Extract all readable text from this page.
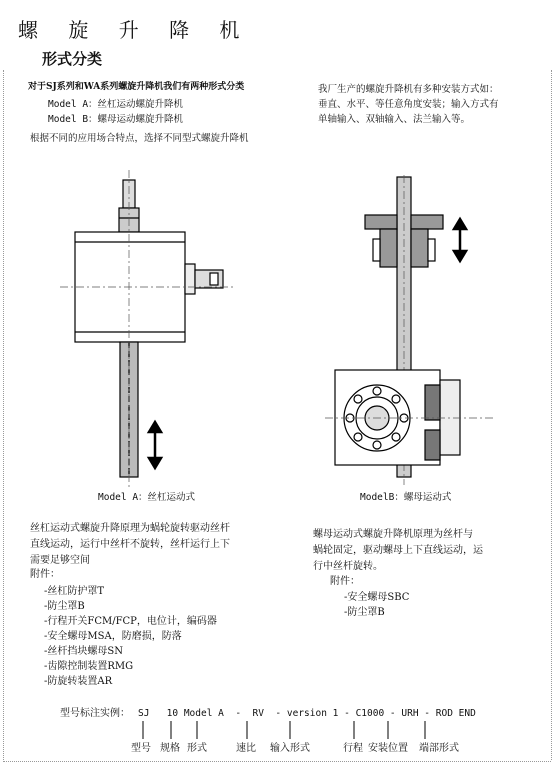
螺 旋 升 降 机
形式分类
对于SJ系列和WA系列螺旋升降机我们有两种形式分类
Model A：丝杠运动螺旋升降机
Model B：螺母运动螺旋升降机
根据不同的应用场合特点，选择不同型式螺旋升降机
我厂生产的螺旋升降机有多种安装方式如：
垂直、水平、等任意角度安装；输入方式有
单轴输入、双轴输入、法兰输入等。
Model A：丝杠运动式	ModelB：螺母运动式
丝杠运动式螺旋升降原理为蜗轮旋转驱动丝杆
直线运动，运行中丝杆不旋转，丝杆运行上下
需要足够空间
附件：
-丝杠防护罩T
-防尘罩B
-行程开关FCM/FCP，电位计，编码器
-安全螺母MSA，防磨损，防落
-丝杆挡块螺母SN
-齿隙控制装置RMG
-防旋转装置AR
螺母运动式螺旋升降机原理为丝杆与
蜗轮固定，驱动螺母上下直线运动，运
行中丝杆旋转。
附件：
-安全螺母SBC
-防尘罩B
型号标注实例： SJ 10 Model A - RV - version 1 - C1000 - URH - ROD END
型号 规格 形式	速比 输入形式	行程 安装位置 端部形式
